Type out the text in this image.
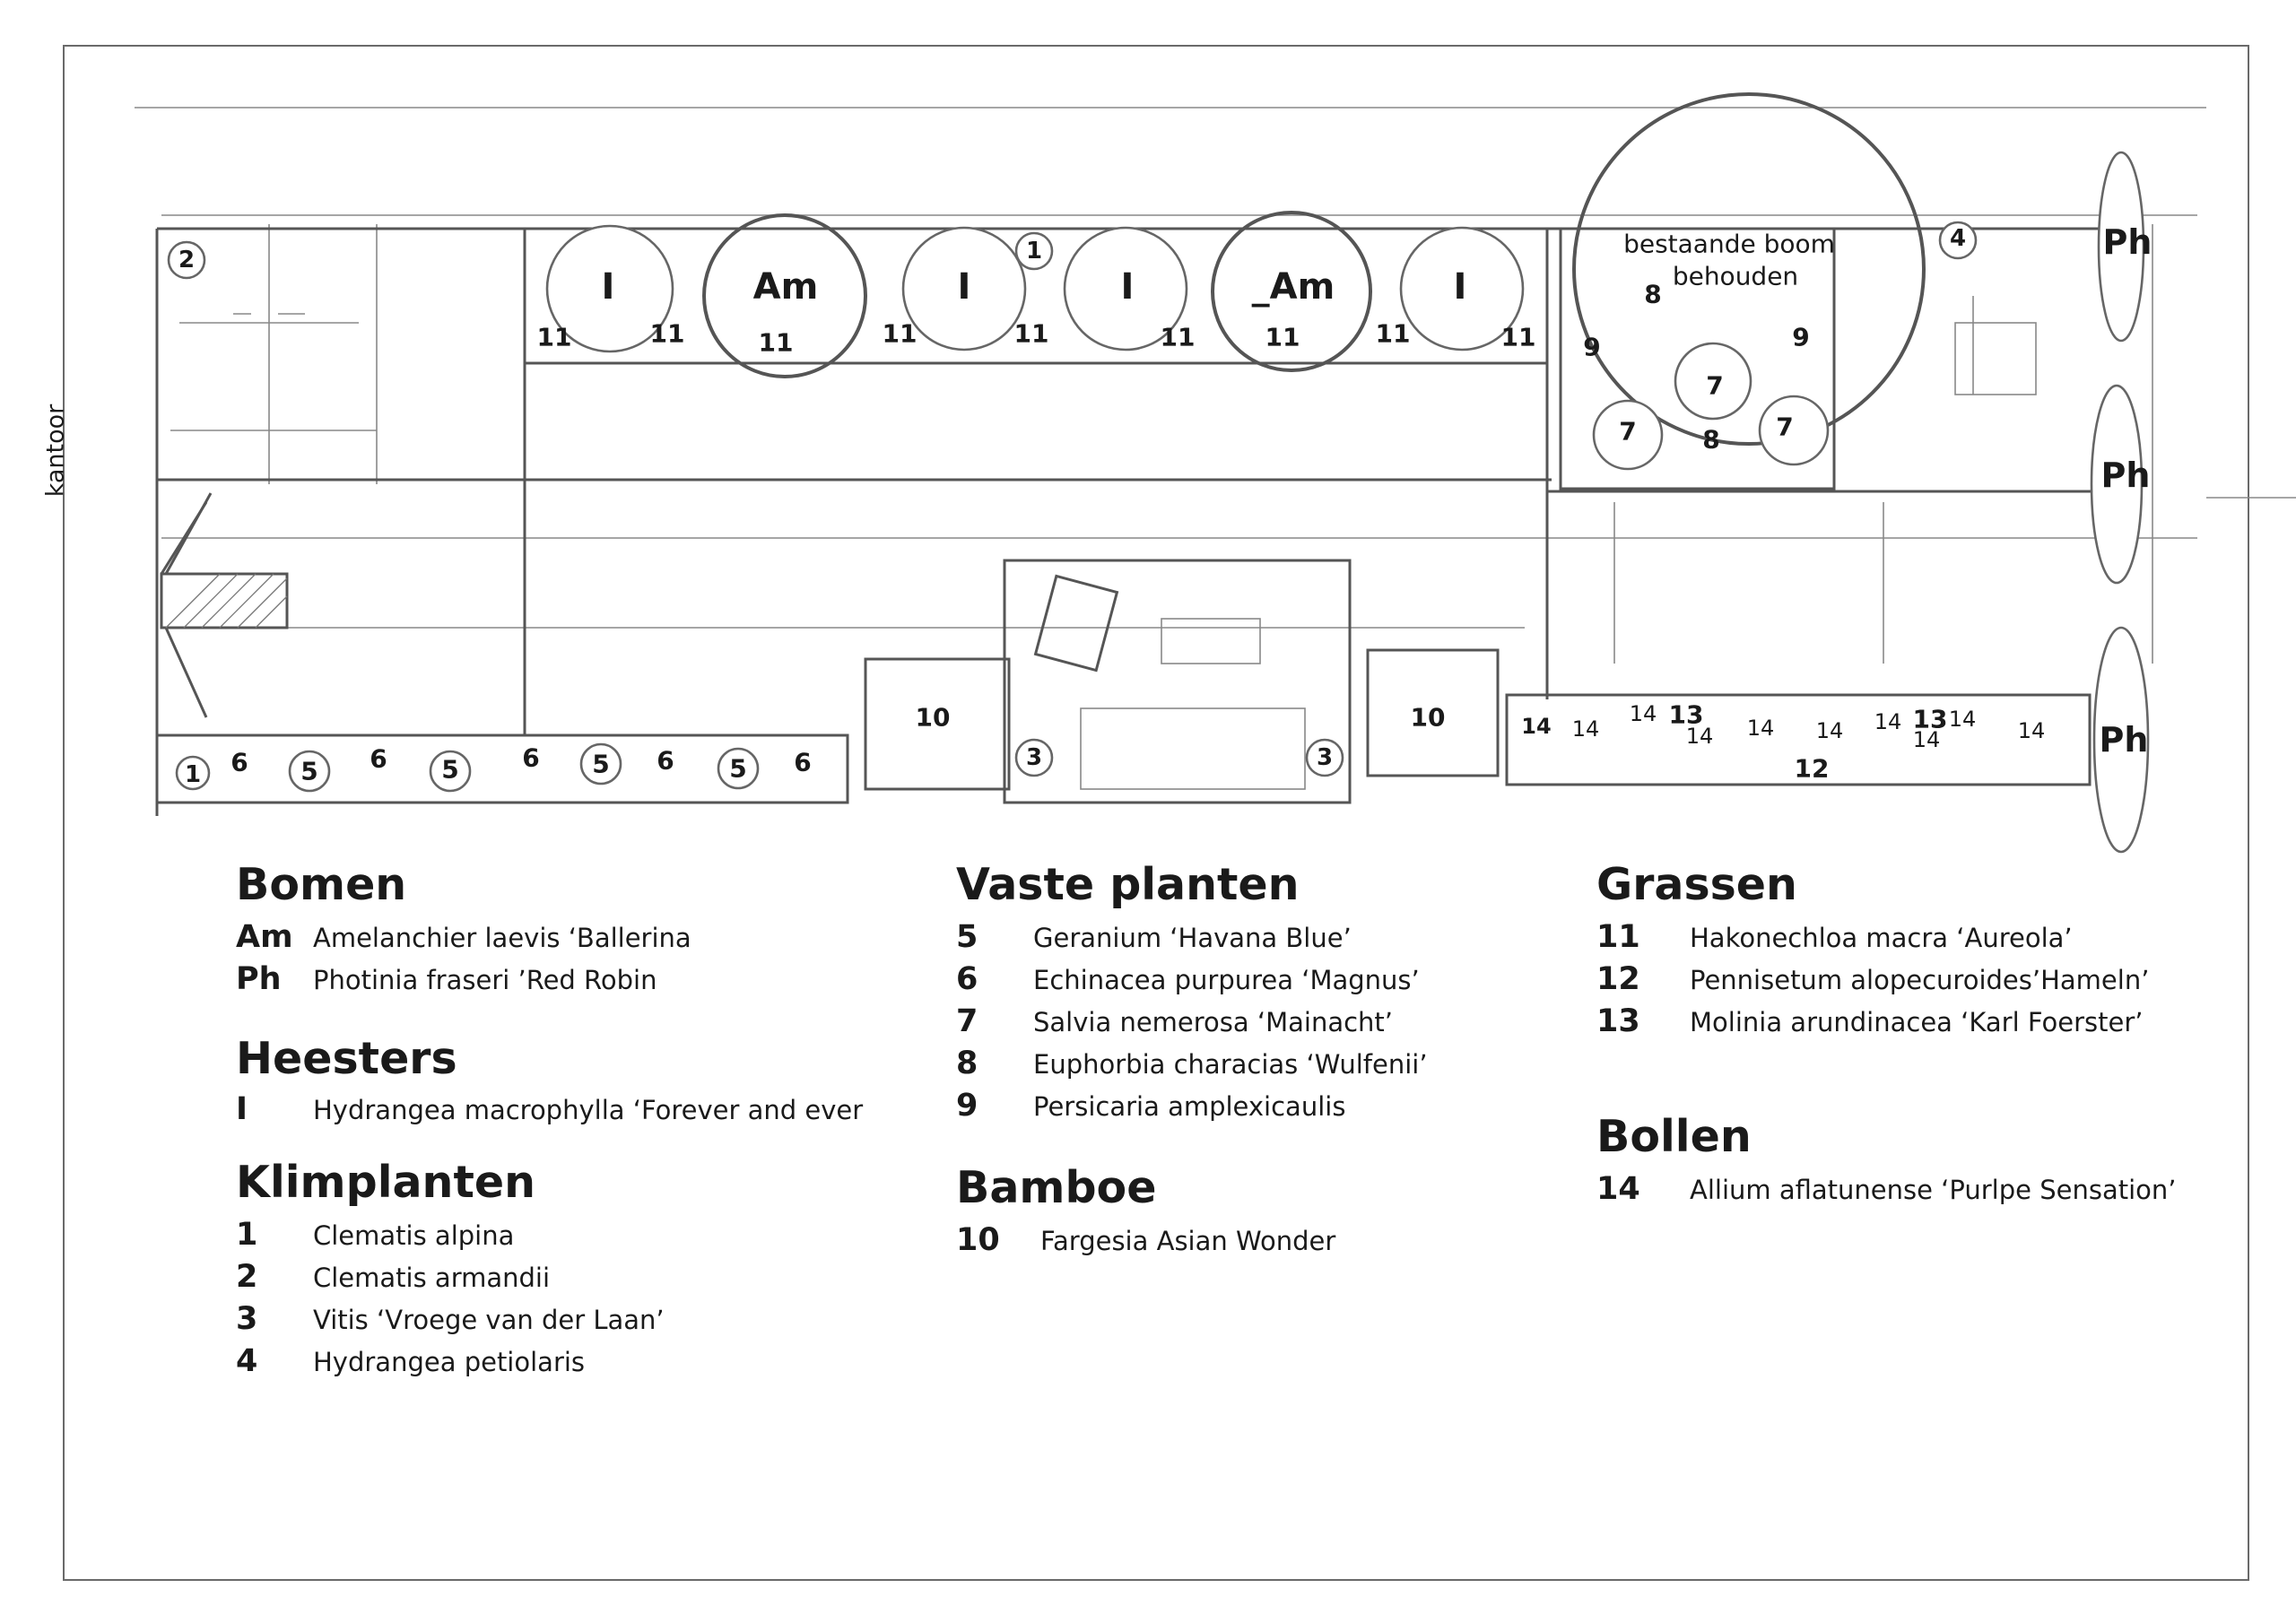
bestaande boom
behouden
Ph
Ph
Ph
I	Am	I	I	_Am	I
11	11	11	11	11	11	11	11	11
2	1	4
1
3	3
8
9	9
7
7	8 7
10	10
6 5 6 5	6 5 6 5 6
14 14
14 13
14 14 14 14 13
14
14 14
12
kantoor
Bomen
Am Amelanchier laevis ‘Ballerina
Ph	Photinia fraseri ’Red Robin
Heesters
I	Hydrangea macrophylla ‘Forever and ever
Klimplanten
1	Clematis alpina
2	Clematis armandii
3	Vitis ‘Vroege van der Laan’
4	Hydrangea petiolaris
Vaste planten
5	Geranium ‘Havana Blue’
6	Echinacea purpurea ‘Magnus’
7	Salvia nemerosa ‘Mainacht’
8	Euphorbia characias ‘Wulfenii’
9	Persicaria amplexicaulis
Bamboe
10	Fargesia Asian Wonder
Grassen
11	Hakonechloa macra ‘Aureola’
12	Pennisetum alopecuroides’Hameln’
13	Molinia arundinacea ‘Karl Foerster’
Bollen
14	Allium aflatunense ‘Purlpe Sensation’
